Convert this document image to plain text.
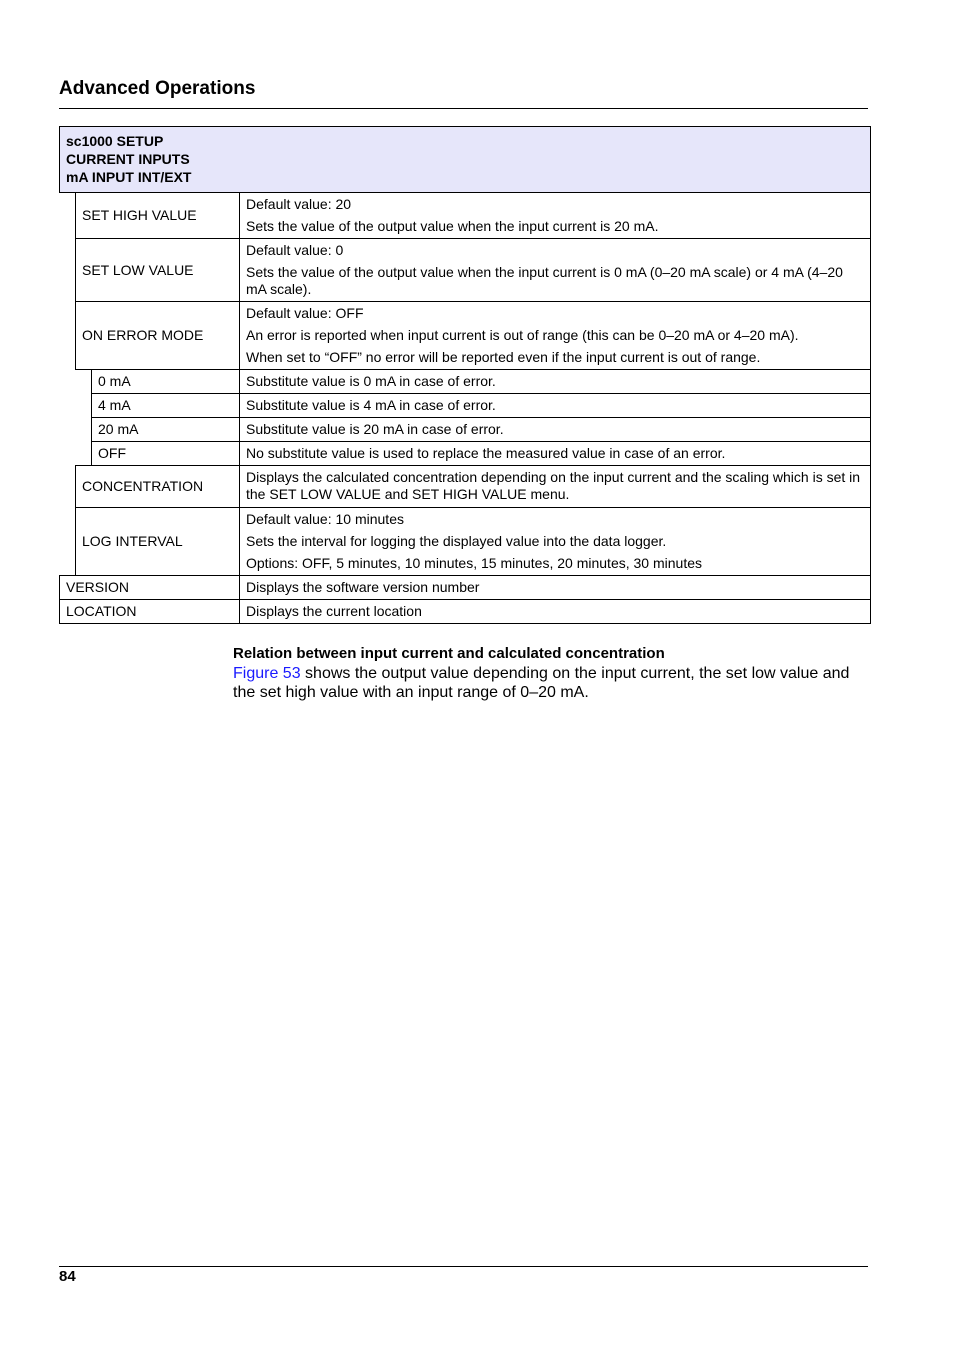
Advanced Operations
sc1000 SETUP
CURRENT INPUTS
mA INPUT INT/EXT			

	SET HIGH VALUE		Default value: 20

Sets the value of the output value when the input current is 20 mA.

	SET LOW VALUE		Default value: 0

Sets the value of the output value when the input current is 0 mA (0–20 mA scale) or 4 mA (4–20 mA scale).

	ON ERROR MODE		Default value: OFF

An error is reported when input current is out of range (this can be 0–20 mA or 4–20 mA).

When set to “OFF” no error will be reported even if the input current is out of range.

		0 mA	Substitute value is 0 mA in case of error.

		4 mA	Substitute value is 4 mA in case of error.

		20 mA	Substitute value is 20 mA in case of error.

		OFF	No substitute value is used to replace the measured value in case of an error.

	CONCENTRATION		Displays the calculated concentration depending on the input current and the scaling which is set in the SET LOW VALUE and SET HIGH VALUE menu.

	LOG INTERVAL		Default value: 10 minutes

Sets the interval for logging the displayed value into the data logger.

Options: OFF, 5 minutes, 10 minutes, 15 minutes, 20 minutes, 30 minutes

VERSION			Displays the software version number

LOCATION			Displays the current location

Relation between input current and calculated concentration

Figure 53 shows the output value depending on the input current, the set low value and the set high value with an input range of 0–20 mA.

84
